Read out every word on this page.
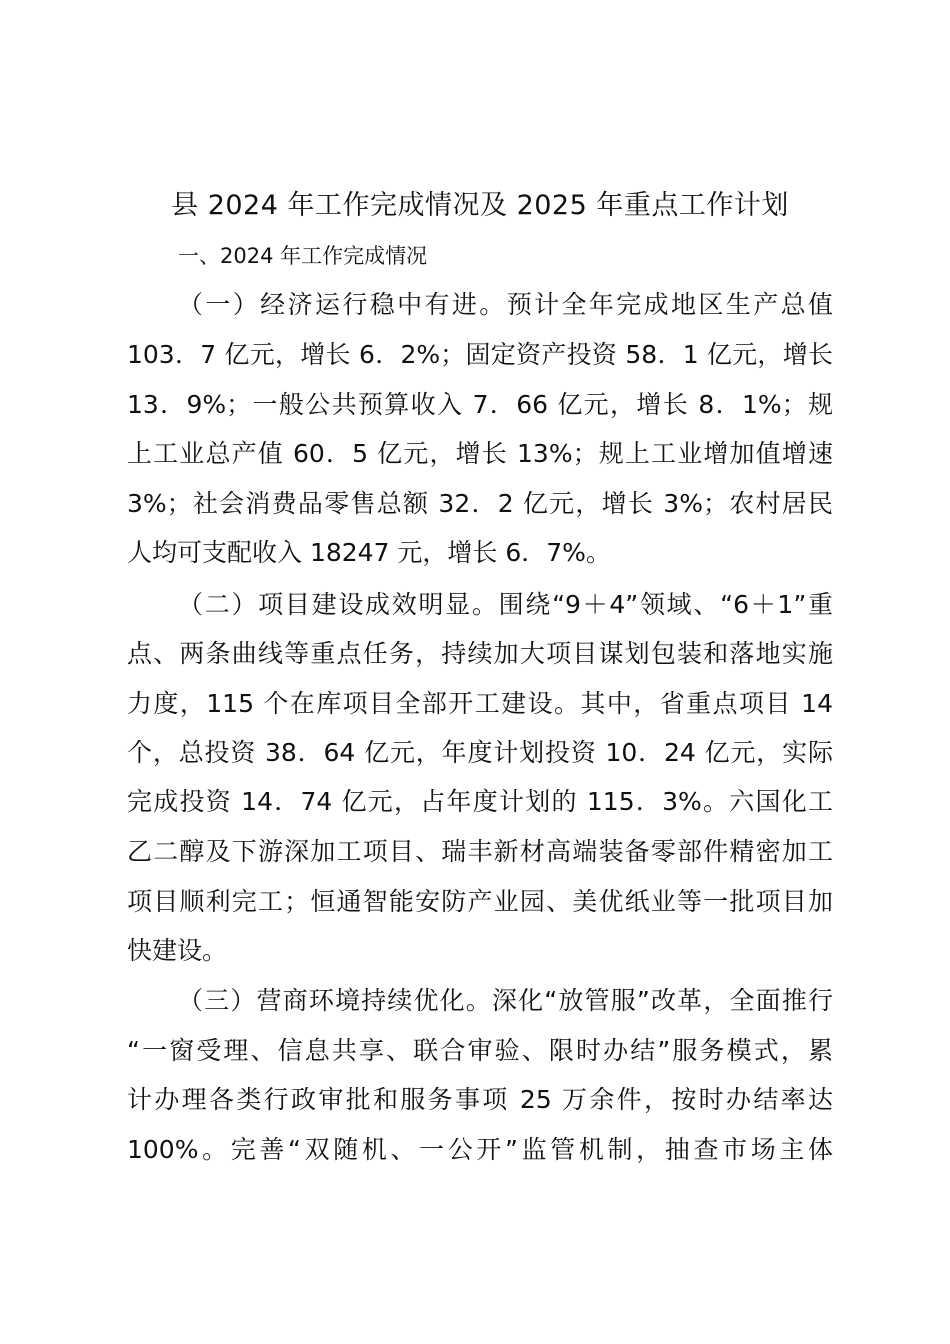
县 2024 年工作完成情况及 2025 年重点工作计划
一、2024 年工作完成情况
（一）经济运行稳中有进。预计全年完成地区生产总值
103．7 亿元，增长 6．2%；固定资产投资 58．1 亿元，增长
13．9%；一般公共预算收入 7．66 亿元，增长 8．1%；规
上工业总产值 60．5 亿元，增长 13%；规上工业增加值增速
3%；社会消费品零售总额 32．2 亿元，增长 3%；农村居民
人均可支配收入 18247 元，增长 6．7%。
（二）项目建设成效明显。围绕“9＋4”领域、“6＋1”重
点、两条曲线等重点任务，持续加大项目谋划包装和落地实施
力度，115 个在库项目全部开工建设。其中，省重点项目 14
个，总投资 38．64 亿元，年度计划投资 10．24 亿元，实际
完成投资 14．74 亿元，占年度计划的 115．3%。六国化工
乙二醇及下游深加工项目、瑞丰新材高端装备零部件精密加工
项目顺利完工；恒通智能安防产业园、美优纸业等一批项目加
快建设。
（三）营商环境持续优化。深化“放管服”改革，全面推行
“一窗受理、信息共享、联合审验、限时办结”服务模式，累
计办理各类行政审批和服务事项 25 万余件，按时办结率达
100%。完善“双随机、一公开”监管机制，抽查市场主体
